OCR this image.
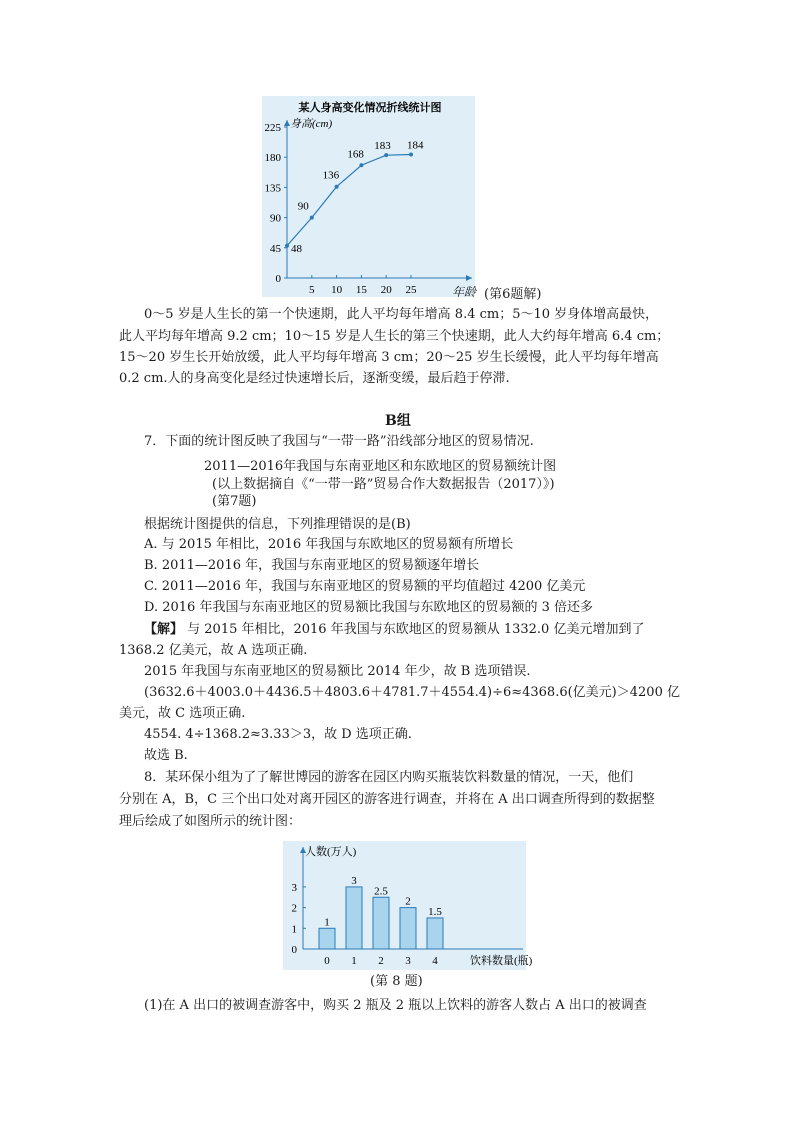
某人身高变化情况折线统计图
身高(cm)
0
45
90
135
180
225
5 10 15 20 25
48
90
136
168
183 184
年龄 (第6题解)
0～5 岁是人生长的第一个快速期，此人平均每年增高 8.4 cm；5～10 岁身体增高最快，
此人平均每年增高 9.2 cm；10～15 岁是人生长的第三个快速期，此人大约每年增高 6.4 cm；
15～20 岁生长开始放缓，此人平均每年增高 3 cm；20～25 岁生长缓慢，此人平均每年增高
0.2 cm.人的身高变化是经过快速增长后，逐渐变缓，最后趋于停滞.
B组
7．下面的统计图反映了我国与“一带一路”沿线部分地区的贸易情况.
2011—2016年我国与东南亚地区和东欧地区的贸易额统计图
(以上数据摘自《“一带一路”贸易合作大数据报告（2017）》)
(第7题)
根据统计图提供的信息，下列推理错误的是(B)
A. 与 2015 年相比，2016 年我国与东欧地区的贸易额有所增长
B. 2011—2016 年，我国与东南亚地区的贸易额逐年增长
C. 2011—2016 年，我国与东南亚地区的贸易额的平均值超过 4200 亿美元
D. 2016 年我国与东南亚地区的贸易额比我国与东欧地区的贸易额的 3 倍还多
【解】 与 2015 年相比，2016 年我国与东欧地区的贸易额从 1332.0 亿美元增加到了
1368.2 亿美元，故 A 选项正确.
2015 年我国与东南亚地区的贸易额比 2014 年少，故 B 选项错误.
(3632.6＋4003.0＋4436.5＋4803.6＋4781.7＋4554.4)÷6≈4368.6(亿美元)＞4200 亿
美元，故 C 选项正确.
4554. 4÷1368.2≈3.33＞3，故 D 选项正确.
故选 B.
8．某环保小组为了了解世博园的游客在园区内购买瓶装饮料数量的情况，一天，他们
分别在 A，B，C 三个出口处对离开园区的游客进行调查，并将在 A 出口调查所得到的数据整
理后绘成了如图所示的统计图：
人数(万人)
饮料数量(瓶)
0
1
2
3
1
0
3
1
2.5
2
2
3
1.5
4
(第 8 题)
(1)在 A 出口的被调查游客中，购买 2 瓶及 2 瓶以上饮料的游客人数占 A 出口的被调查
